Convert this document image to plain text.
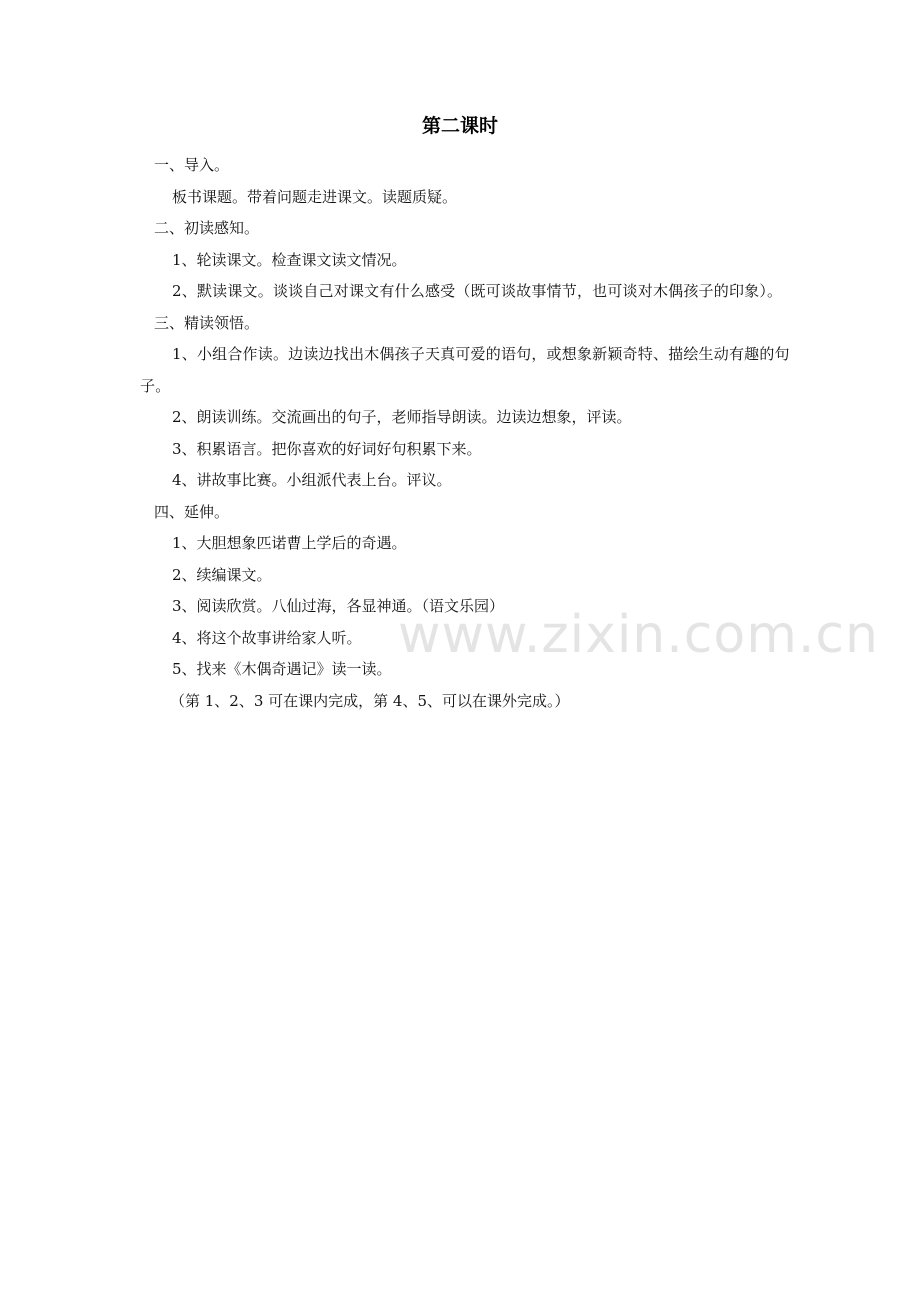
第二课时

一、导入。

板书课题。带着问题走进课文。读题质疑。

二、初读感知。

1、轮读课文。检查课文读文情况。

2、默读课文。谈谈自己对课文有什么感受（既可谈故事情节，也可谈对木偶孩子的印象）。

三、精读领悟。

1、小组合作读。边读边找出木偶孩子天真可爱的语句，或想象新颖奇特、描绘生动有趣的句子。

2、朗读训练。交流画出的句子，老师指导朗读。边读边想象，评读。

3、积累语言。把你喜欢的好词好句积累下来。

4、讲故事比赛。小组派代表上台。评议。

四、延伸。

1、大胆想象匹诺曹上学后的奇遇。

2、续编课文。

3、阅读欣赏。八仙过海，各显神通。（语文乐园）

4、将这个故事讲给家人听。

5、找来《木偶奇遇记》读一读。

（第 1、2、3 可在课内完成，第 4、5、可以在课外完成。）

www.zixin.com.cn
